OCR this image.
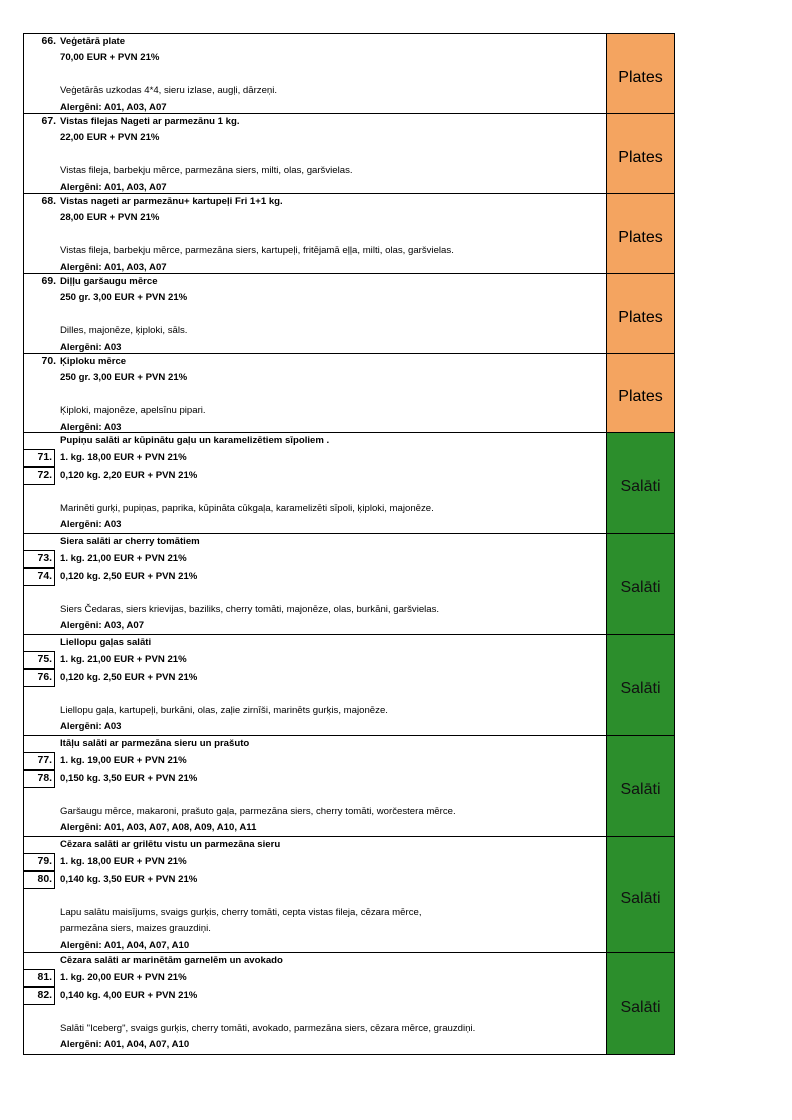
66. Veģetārā plate
70,00 EUR + PVN 21%
Veģetārās uzkodas 4*4, sieru izlase, augļi, dārzeņi.
Alergēni: A01, A03, A07
Plates
67. Vistas filejas Nageti ar parmezānu 1 kg.
22,00 EUR + PVN 21%
Vistas fileja, barbekju mērce, parmezāna siers, milti, olas, garšvielas.
Alergēni: A01, A03, A07
Plates
68. Vistas nageti ar parmezānu+ kartupeļi Fri 1+1 kg.
28,00 EUR + PVN 21%
Vistas fileja, barbekju mērce, parmezāna siers, kartupeļi, fritējamā eļļa, milti, olas, garšvielas.
Alergēni: A01, A03, A07
Plates
69. Diļļu garšaugu mērce
250 gr. 3,00 EUR + PVN 21%
Dilles, majonēze, ķiploki, sāls.
Alergēni: A03
Plates
70. Ķiploku mērce
250 gr. 3,00 EUR + PVN 21%
Ķiploki, majonēze, apelsīnu pipari.
Alergēni: A03
Plates
Pupiņu salāti ar kūpinātu gaļu un karamelizētiem sīpoliem .
71. 1. kg. 18,00 EUR + PVN 21%
72. 0,120 kg. 2,20 EUR + PVN 21%
Marinēti gurķi, pupiņas, paprika, kūpināta cūkgaļa, karamelizēti sīpoli, ķiploki, majonēze.
Alergēni: A03
Salāti
Siera salāti ar cherry tomātiem
73. 1. kg. 21,00 EUR + PVN 21%
74. 0,120 kg. 2,50 EUR + PVN 21%
Siers Čedaras, siers krievijas, baziliks, cherry tomāti, majonēze, olas, burkāni, garšvielas.
Alergēni: A03, A07
Salāti
Liellopu gaļas salāti
75. 1. kg. 21,00 EUR + PVN 21%
76. 0,120 kg. 2,50 EUR + PVN 21%
Liellopu gaļa, kartupeļi, burkāni, olas, zaļie zirnīši, marinēts gurķis, majonēze.
Alergēni: A03
Salāti
Itāļu salāti ar parmezāna sieru un prašuto
77. 1. kg. 19,00 EUR + PVN 21%
78. 0,150 kg. 3,50 EUR + PVN 21%
Garšaugu mērce, makaroni, prašuto gaļa, parmezāna siers, cherry tomāti, worčestera mērce.
Alergēni: A01, A03, A07, A08, A09, A10, A11
Salāti
Cēzara salāti ar grilētu vistu un parmezāna sieru
79. 1. kg. 18,00 EUR + PVN 21%
80. 0,140 kg. 3,50 EUR + PVN 21%
Lapu salātu maisījums, svaigs gurķis, cherry tomāti, cepta vistas fileja, cēzara mērce,
parmezāna siers, maizes grauzdiņi.
Alergēni: A01, A04, A07, A10
Salāti
Cēzara salāti ar marinētām garnelēm un avokado
81. 1. kg. 20,00 EUR + PVN 21%
82. 0,140 kg. 4,00 EUR + PVN 21%
Salāti "Iceberg", svaigs gurķis, cherry tomāti, avokado, parmezāna siers, cēzara mērce, grauzdiņi.
Alergēni: A01, A04, A07, A10
Salāti
